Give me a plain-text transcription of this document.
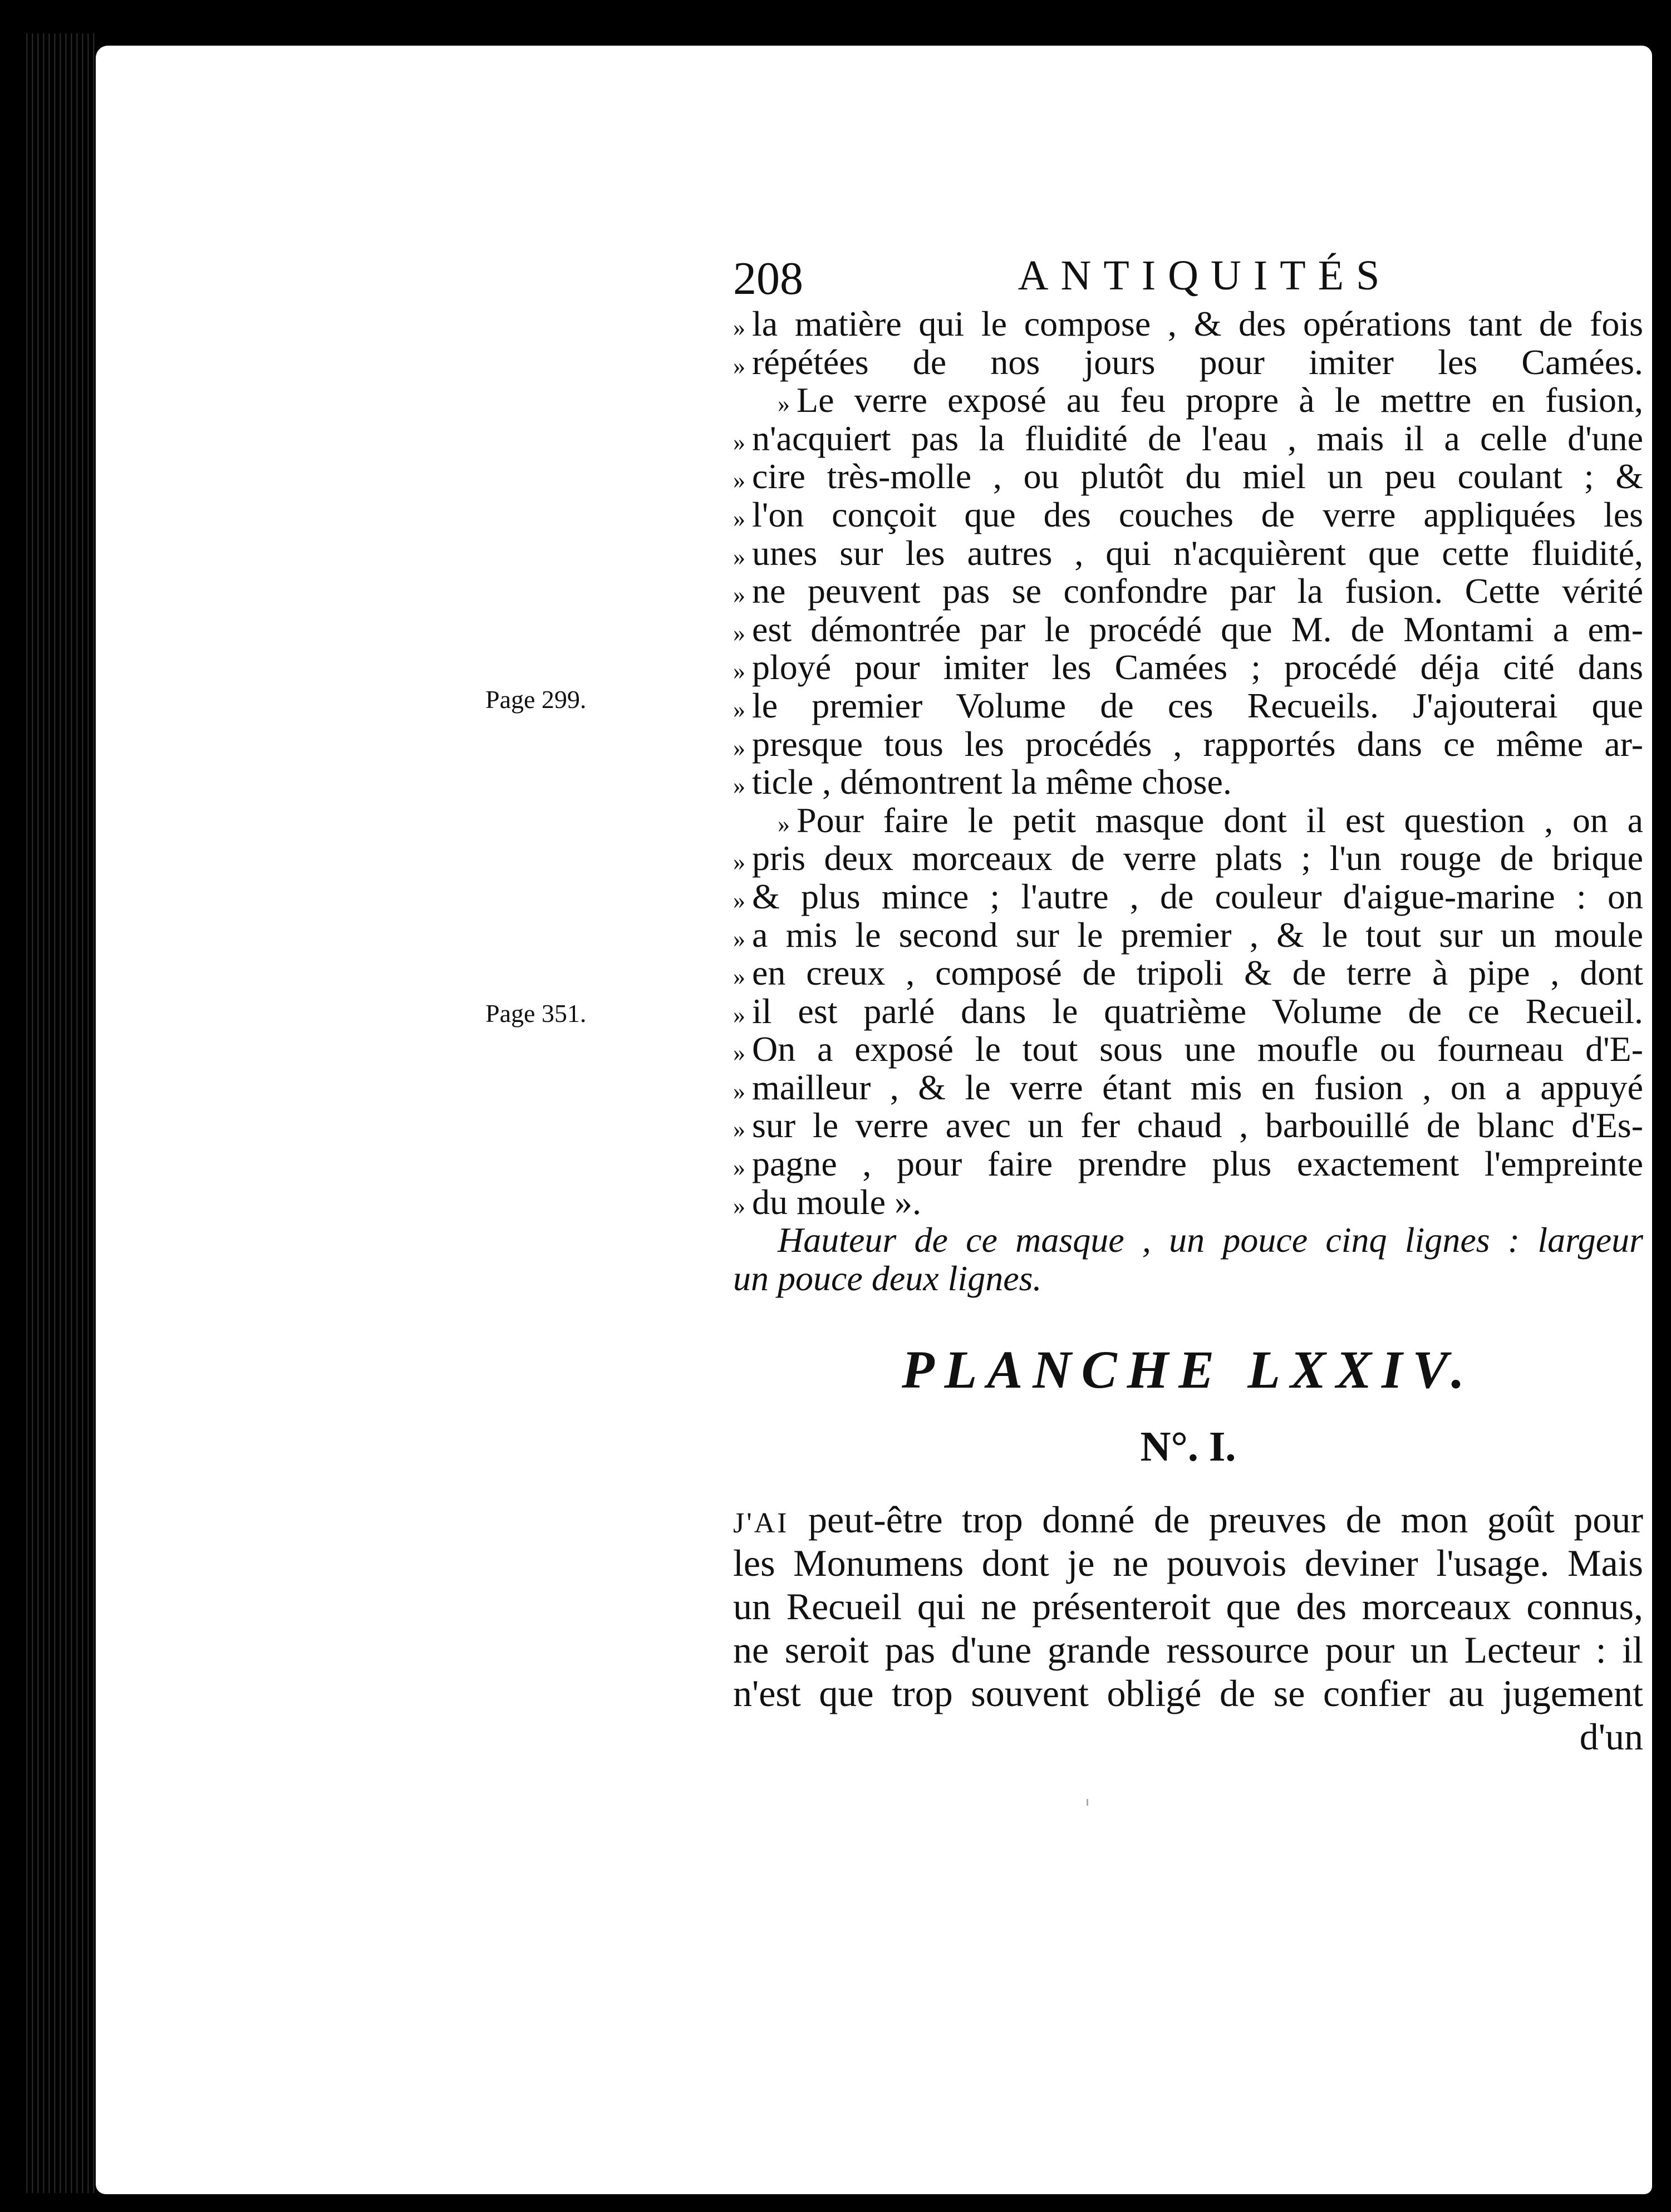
Page 299.
Page 351.
208	ANTIQUITÉS
» la matière qui le compose , & des opérations tant de fois
» répétées de nos jours pour imiter les Camées.
» Le verre exposé au feu propre à le mettre en fusion,
» n'acquiert pas la fluidité de l'eau , mais il a celle d'une
» cire très-molle , ou plutôt du miel un peu coulant ; &
» l'on conçoit que des couches de verre appliquées les
» unes sur les autres , qui n'acquièrent que cette fluidité,
» ne peuvent pas se confondre par la fusion. Cette vérité
» est démontrée par le procédé que M. de Montami a em-
» ployé pour imiter les Camées ; procédé déja cité dans
» le premier Volume de ces Recueils. J'ajouterai que
» presque tous les procédés , rapportés dans ce même ar-
» ticle , démontrent la même chose.
» Pour faire le petit masque dont il est question , on a
» pris deux morceaux de verre plats ; l'un rouge de brique
» & plus mince ; l'autre , de couleur d'aigue-marine : on
» a mis le second sur le premier , & le tout sur un moule
» en creux , composé de tripoli & de terre à pipe , dont
» il est parlé dans le quatrième Volume de ce Recueil.
» On a exposé le tout sous une moufle ou fourneau d'E-
» mailleur , & le verre étant mis en fusion , on a appuyé
» sur le verre avec un fer chaud , barbouillé de blanc d'Es-
» pagne , pour faire prendre plus exactement l'empreinte
» du moule ».
Hauteur de ce masque , un pouce cinq lignes : largeur
un pouce deux lignes.
PLANCHE LXXIV.
N°. I.
J'AI peut-être trop donné de preuves de mon goût pour
les Monumens dont je ne pouvois deviner l'usage. Mais
un Recueil qui ne présenteroit que des morceaux connus,
ne seroit pas d'une grande ressource pour un Lecteur : il
n'est que trop souvent obligé de se confier au jugement
d'un
